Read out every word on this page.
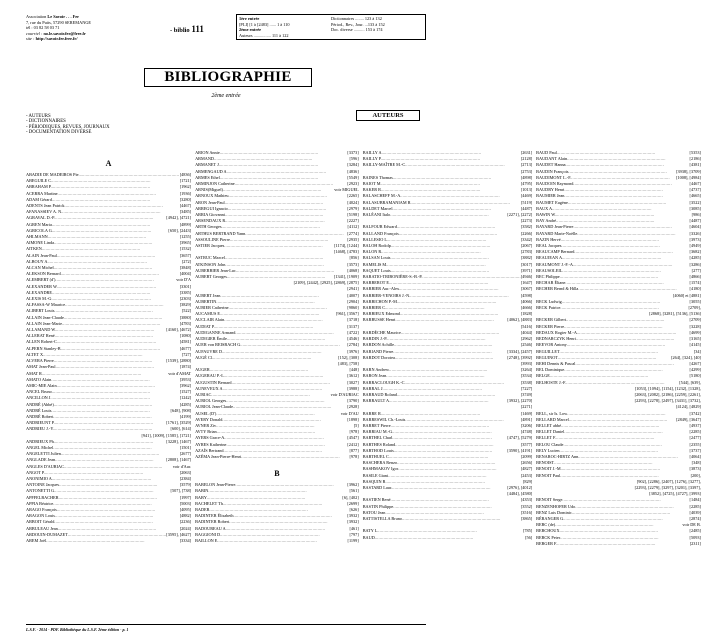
Association Le Savoir . . . Fer
7, rue du Puits, 57290 SEREMANGE
tél : 03 82 58 03 71
courriel : no.le.savoir.fer@free.fr
site : http://savoir.fer.free.fr/
- biblio 111
1ère entrée
[PLI] [1 à [2483] ...... 1 à 110
2ème entrée
Auteurs ................ 111 à 122
Dictionnaires ........ 123 à 132
Périod., Rev., Jour. ...133 à 152
Doc. diverse .......... 153 à 174
BIBLIOGRAPHIE
2ème entrée
- AUTEURS
- DICTIONNAIRES
- PÉRIODIQUES, REVUES, JOURNAUX
- DOCUMENTATION DIVERSE
AUTEURS
A
ABADIE DE MADEIROS Pie.. .....	[4836]
ABEGUILE C. .....	[1721]
ABRAHAM P. .....	[1962]
ACERRA Martine .....	[1936]
ADAM Gérard .....	[3280]
ADENTS Jean Patrick .....	[4467]
AFANASSIEV A. N. .....	[3485]
AGRAVAL D.-P. .....	[4942], [4721]
AGREN Maria .....	[4899]
AGRICOLA G. .....	[650], [2443]
AHLMANN .....	[1255]
AIMONE Linda .....	[3965]
AITKEN .....	[1532]
ALAIN Jean-Paul .....	[3657]
ALBOUY A. .....	[272]
ALCAN Michel .....	[3848]
ALEKSON Bernard .....	[4004]
ALEMBERT (d') .....	voir D'A
ALEXANDER W. .....	[3301]
ALEXANDRE .....	[3385]
ALEXIS M.-G. .....	[2303]
ALFASSA-W Maurice .....	[3829]
ALIBERT Louis .....	[522]
ALLAIN Jean-Claude .....	[3880]
ALLAIN Jean-Marie .....	[4783]
ALLAMAND W. .....	[4160], [4672]
ALLERAT René .....	[1080]
ALLEN Robert-C. .....	[4581]
ALPERN Stanley-B. .....	[4677]
ALTET X. .....	[727]
ALVERA Pierre .....	[1539], [2880]
AMAT Jean-Paul .....	[1874]
AMAT R. .....	voir d'AMAT
AMATO Alain .....	[3953]
AMIC-MIE Alain .....	[3962]
ANCEL Bruno .....	[1527]
ANCILLON J. .....	[1242]
ANDRÉ (Abbé) .....	[4285]
ANDRÉ Louis .....	[648], [908]
ANDRÉ Robert .....	[4199]
ANDRIEUNT P. .....	[1761], [3529]
ANDRIEU J.-Y. .....	[600], [614]
[941], [1009], [1585], [1721]
ANDRIEUX Ph. .....	[3228], [1467]
ANGEL Michel .....	[1501]
ANGELETTI Julien .....	[2677]
ANGLADE Jean .....	[2808], [1467]
ANGLES D'AURIAC .....	voir d'Aur.
ANGOT P. .....	[2063]
ANONIMIO A. .....	[2384]
ANTOINE Jacques .....	[3579]
ANTONETTI G. .....	[507], [738]
APFFELBACHER .....	[1997]
APPIA Béatrice .....	[5003]
ARAGO François .....	[4095]
ARAGON Louis .....	[4882]
ARBOIT Gérald .....	[2236]
ARBULEAU Jean .....	[2024]
ARDOUIN-DUMAZET .....	[3595], [4627]
AREM Joël .....	[3334]
ARION Annie .....	[3373]
ARMAND .....	[596]
ARMANET J. .....	[3284]
ARMENGAUD A. .....	[4836]
ARMES Ethel .....	[5549]
ARMINJON Catherine .....	[2923]
ARNIS(Miguel) .....	voir MIGUEL
ARNOUX Mathieu .....	[2265]
ARON Jean-Paul .....	[4024]
ARREGUI Ignacio .....	[2979]
ARRIA Giovanni .....	[5198]
ARSENDAUX R. .....	[2227]
ARTH Georges .....	[4112]
ARTHUS BERTRAND Yann .....	[2774]
ASSOULINE Pierre .....	[2935]
ASTIER Jacques .....	[1174], [1244]
[1468], [4783]
ASTRUC Marcel .....	[856]
ATKINSON John .....	[3573]
AUBERBIER Jean-Luc .....	[4068]
AUBERT Georges .....	[1341], [1909]
[2109], [2442], [2925], [2869], [2875]
[2941]
AUBERT Jean .....	[4007]
AUBERTIN .....	[2904]
AUBIER Catherine .....	[9860]
AUCAMUS E. .....	[961], [3567]
AUCLAIR Alain .....	[3718]
AUDIAT P. .....	[3137]
AUDIGANNE Armand .....	[4722]
AUDIGIER Émile .....	[4546]
AUER von REISBACH G. .....	[2784]
AUFAUVRE D. .....	[3976]
AUGÉ Cl. .....	[152], [308]
[483], [758]
AUGER .....	[448]
AUGERAU P.-L. .....	[3612]
AUGUSTIN Bernard .....	[3027]
AUNEVEUX A. .....	[3988]
AURIAC .....	voir D'AURIAC
AURIOL Georges .....	[3790]
AURIOL Jean-Claude .....	[2928]
AUSEL (D') .....	voir D'AU
AVERY Donald .....	[1898]
AVNER Ziv .....	[5]
AVTY Brian .....	[978]
AYERS Grace-A. .....	[4547]
AYRES Katherine .....	[2412]
AZAÏS Bertrand .....	[877]
AZÉMA Jean-Pierre-Henri .....	[978]
B
BABELON Jean-Pierre .....	[3962]
BABIN .....	[561]
BABY .....	[6], [402]
BACHELET Th. .....	[2699]
BADER .....	[626]
BADINTER Élisabeth .....	[3932]
BADINTER Robert .....	[3932]
BADOUREAU A. .....	[461]
BAGGIONI D. .....	[797]
BAILLON E. .....	[1199]
BAILLY A. .....	[2631]
BAILLY P. .....	[2128]
BAILLY-MAÎTRE M.-C. .....	[2713]
[2753]
BAINES Thomas .....	[4898]
BAIOT M. .....	[4795]
BAKER R. .....	[1013]
BALASCHEFF M.-A. .....	[4469]
BALASUBRAMANIAM R. .....	[5119]
BALDET Marcel .....	[4487]
BALÉANI Italo .....	[2271], [2272]
[2273]
BALFOUR Edward .....	[3582]
BALLAND François .....	[2266]
BALLESIO L. .....	[3342]
BALOH Rodolp. .....	[2067]
BALON R. .....	[2783]
BALSAN Louis .....	[3882]
BAMELIS M. .....	[3017]
BAQUET Louis .....	[3971]
BARATIO-TRIBONIÈRE-S.-B.-P. .....	[4946]
BARBEROT E. .....	[1647]
BARBIER Aur.-Alex. .....	[3067]
BARBIER-VENOIRS J.-N. .....	[4598]
BARBICHON P.-M. .....	[4066]
BARBIER C. .....	[4666]
BARBIEUX Edmond .....	[1828]
BARBUSSE Henri .....	[4062], [4883]
[5416]
BARDÈCHE Maurice .....	[4044]
BARDIN J.-P. .....	[2962]
BARDON Achille .....	[2546]
BARIAND Pierre .....	[3334], [2457]
BARDOT Dorotea .....	[2748], [3992]
[3993]
BARN Andrew .....	[3264]
BARON Jean .....	[3534]
BARRACLOUGH K.-C. .....	[3538]
BARRAL J. .....	[7227]
BARRAUD Roland .....	[3749]
BARRAULT A. .....	[3932], [2270]
[2271]
BARRE R. .....	[1469]
BARRESWIL Ch.-Louis .....	[4891]
BARRET Pierre .....	[3206]
BARRIAU M.-G. .....	[4748]
BARTHEL Charl. .....	[4747], [5279]
BARTHES Roland .....	[3577]
BARTHOD Louis .....	[3590], [4191]
BARTHUEL C. .....	[2099]
BASCHERA Renzo .....	[2656]
BASHMAKOV Igor .....	[4827]
BASILE Giani .....	[2453]
BASQUIN R. .....	[829]
BASTARD Laur. .....	[2976], [4012]
[4484], [4580]
BASTIEN René .....	[4353]
BASTIN Philippe .....	[3552]
BATOU Jean .....	[3516]
BATTISTELLA Bruno .....	[3865]
BATY L. .....	[785]
BAUD .....	[56]
BAUD Paul .....	[5353]
BAUDANT Alain .....	[2186]
BAUDET Hanna .....	[4381]
BAUDIN François .....	[3938], [3709]
BAUDIMONT L.-F. .....	[1008], [4984]
BAUDOIN Raymond .....	[4467]
BAUDRY Henri .....	[4737]
BAUMIER Jean .....	[4665]
BAUMET Eugène .....	[3522]
BAUX A. .....	[3085]
BAWIN W. .....	[986]
BAY André .....	[4487]
BAYARD Jean-Pierre .....	[4604]
BAYARD Marie-Noëlle .....	[3326]
BAZIN Hervé .....	[3973]
BEAL Jacques .....	[4949]
BEAUCAMP Bernard .....	[3682]
BEAUJEAN A. .....	[4285]
BEAUMONT J.-F.-A. .....	[3286]
BEAUSOLEIL .....	[277]
BEC Philippe .....	[4866]
BECHAR Éliane .....	[1574]
BECHER Bernd & Hilla .....	[4180]
[4060] et [4881]
BECK Ludwig .....	[3055]
BECK Patrice .....	[2709],
[2868], [3281], [5136], [5136]
BECKER Gilbert .....	[2709]
BECKER Pierre .....	[3228]
BEDAUX Rogier M.-A. .....	[4699]
BEDNARCZYK Henri .....	[3165]
BEEVOR Antony .....	[4145]
BEGUILLET .....	[34]
BEGUINOT .....	[264], [324], [40]
BEHI Dennis & Pascal .....	[4267]
BEL Dominique .....	[4299]
BELGE .....	[5180]
BELHOSTE J.-F. .....	[544], [639],
[1053], [1094], [1154], [1232], [1328],
[2063], [2082], [2186], [2259], [2261],
[2293], [2278], [2497], [3431], [3732],
[4124], [4829]
BELL, sir Is. Low .....	[3742]
BELLARD Marcel .....	[2849], [3647]
BELLET abbé .....	[4937]
BELLET Daniel .....	[2285]
BELLET F. .....	[2477]
BELOU Claude .....	[2355]
BELY Lucien .....	[3737]
BENAROC-HIRTZ Ann. .....	[4064]
BENOIST .....	[348]
BENOIT J.-M. .....	[3873]
BENOIT Paul .....	[200],
[902], [2286], [2407], [1276], [3277],
[2293], [2279], [3297], [3201], [3397],
[3852], [4725], [4727], [3993]
BENOIT Serge .....	[1484]
BENZENHOFER Udo .....	[2285]
BENZ Luis Dominic .....	[4039]
BÉRANGER G. .....	[2874]
BERC (de) .....	voir DE B.
BERCHOUX .....	[2485]
BERCK Peter .....	[5093]
BERGER F. .....	[2311]
L.S.F. - 2014 - PDF. Bibliothèque du L.S.F. 2ème édition - p. 1
